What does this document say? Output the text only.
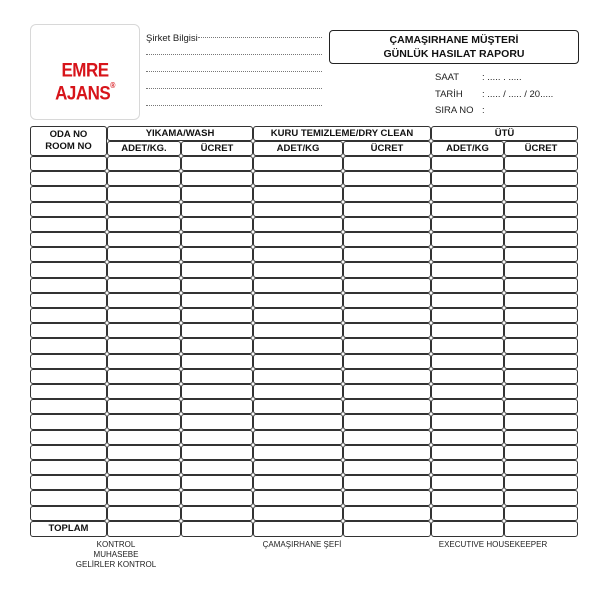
EMRE AJANS®
Şirket Bilgisi	ÇAMAŞIRHANE MÜŞTERİ
GÜNLÜK HASILAT RAPORU
SAAT	: ..... . .....
TARİH	: ..... / ..... / 20.....
SIRA NO :
ODA NO
ROOM NO
YIKAMA/WASH	KURU TEMIZLEME/DRY CLEAN	ÜTÜ
ADET/KG.	ÜCRET	ADET/KG	ÜCRET	ADET/KG	ÜCRET
TOPLAM
KONTROL
MUHASEBE
GELİRLER KONTROL
ÇAMAŞIRHANE ŞEFİ	EXECUTIVE HOUSEKEEPER
